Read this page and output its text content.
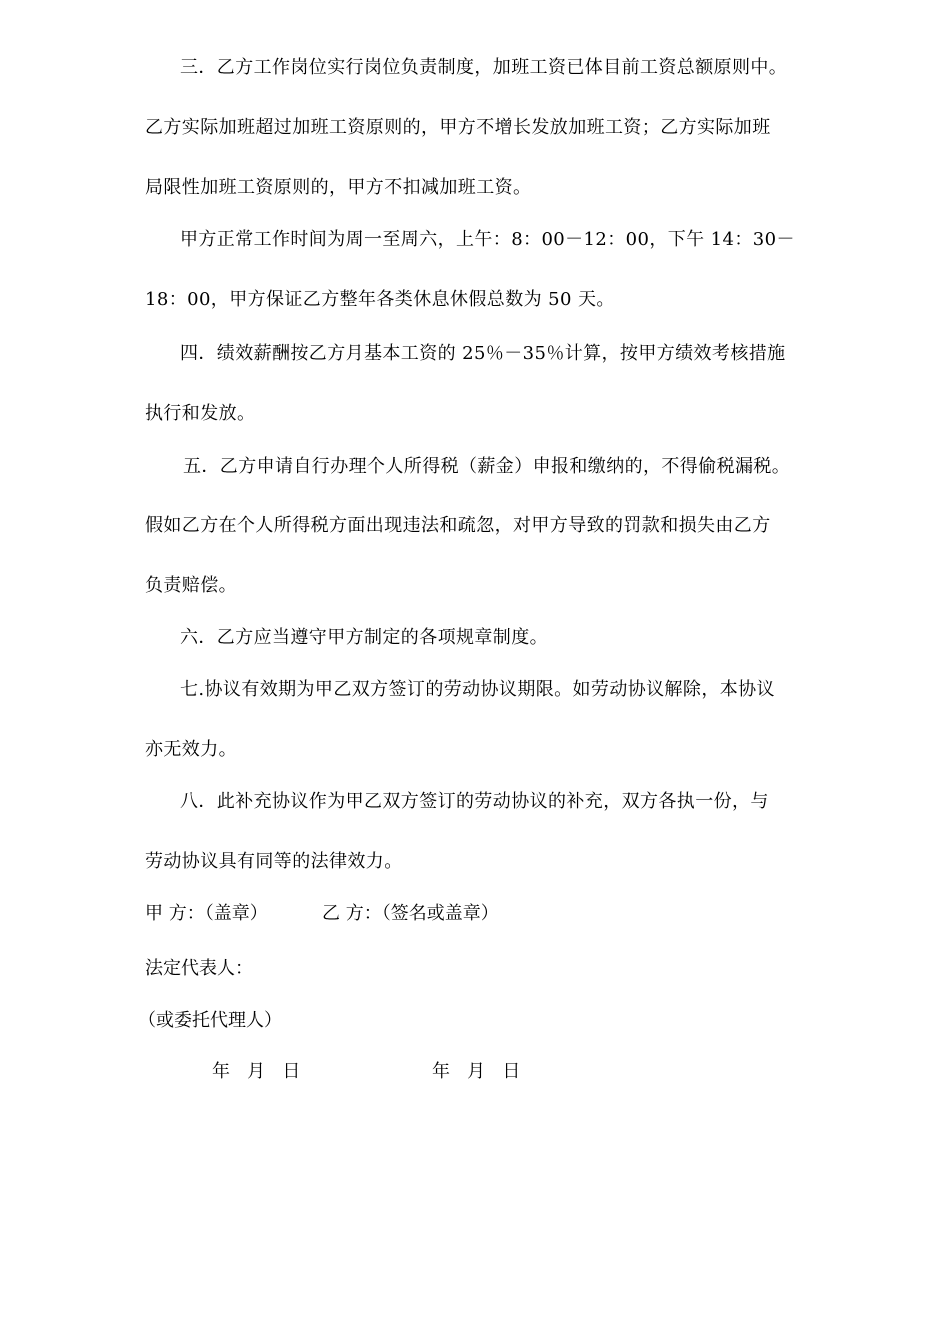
三．乙方工作岗位实行岗位负责制度，加班工资已体目前工资总额原则中。
乙方实际加班超过加班工资原则的，甲方不增长发放加班工资；乙方实际加班
局限性加班工资原则的，甲方不扣减加班工资。
甲方正常工作时间为周一至周六，上午：8：00－12：00，下午 14：30－
18：00，甲方保证乙方整年各类休息休假总数为 50 天。
四．绩效薪酬按乙方月基本工资的 25％－35％计算，按甲方绩效考核措施
执行和发放。
五．乙方申请自行办理个人所得税（薪金）申报和缴纳的，不得偷税漏税。
假如乙方在个人所得税方面出现违法和疏忽，对甲方导致的罚款和损失由乙方
负责赔偿。
六．乙方应当遵守甲方制定的各项规章制度。
七.协议有效期为甲乙双方签订的劳动协议期限。如劳动协议解除，本协议
亦无效力。
八．此补充协议作为甲乙双方签订的劳动协议的补充，双方各执一份，与
劳动协议具有同等的法律效力。
甲 方：（盖章）	乙 方：（签名或盖章）
法定代表人：
（或委托代理人）
年   月   日	年   月   日
